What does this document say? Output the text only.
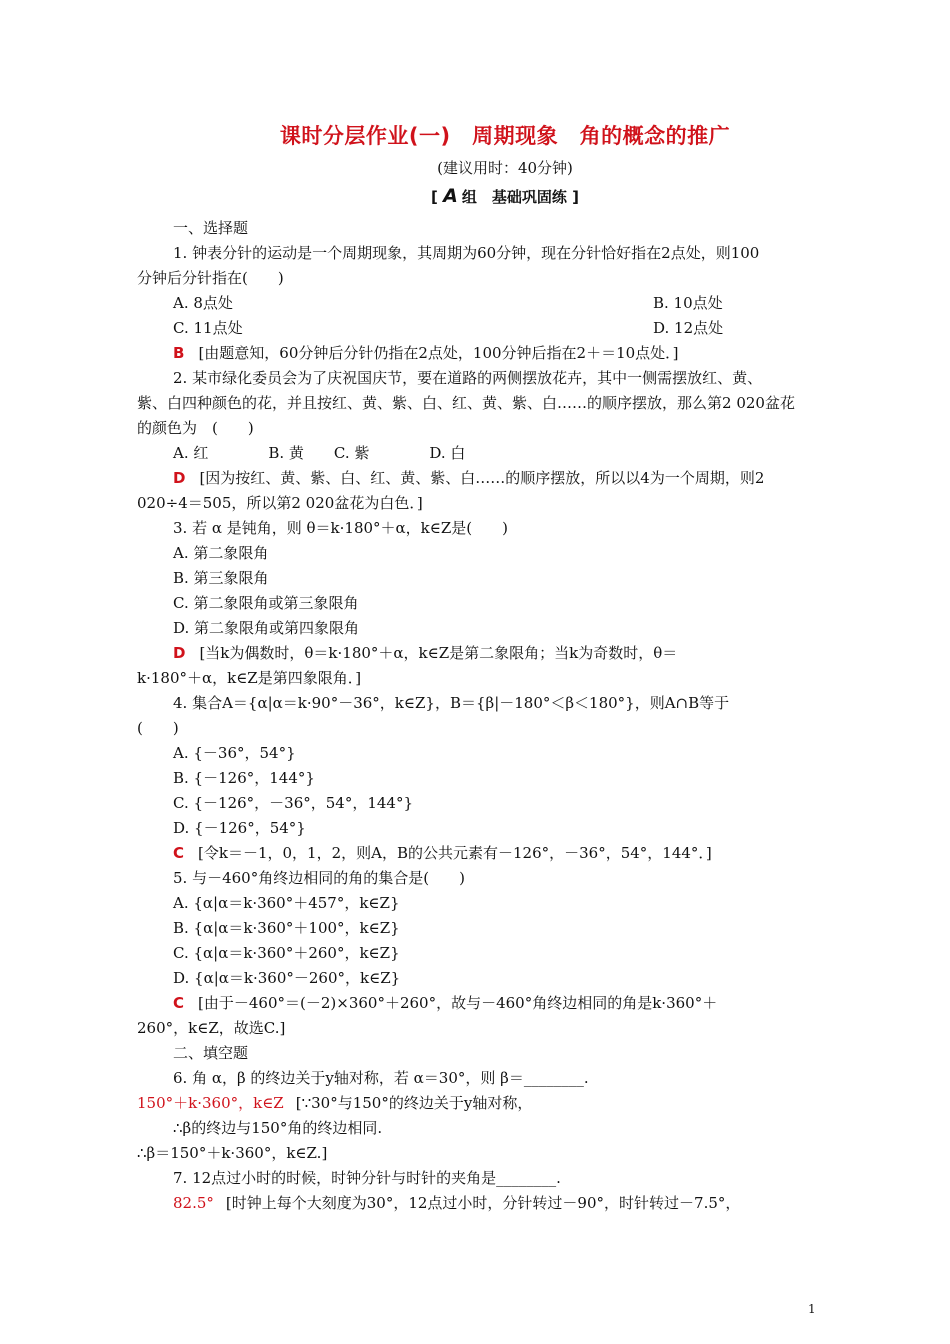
课时分层作业(一)　周期现象　角的概念的推广
(建议用时：40分钟)
[ A 组　基础巩固练 ]
一、选择题
1. 钟表分针的运动是一个周期现象，其周期为60分钟，现在分针恰好指在2点处，则100
分钟后分针指在(　　)
A. 8点处	B. 10点处
C. 11点处	D. 12点处
B [由题意知，60分钟后分针仍指在2点处，100分钟后指在2＋＝10点处．]
2. 某市绿化委员会为了庆祝国庆节，要在道路的两侧摆放花卉，其中一侧需摆放红、黄、
紫、白四种颜色的花，并且按红、黄、紫、白、红、黄、紫、白……的顺序摆放，那么第2 020盆花
的颜色为　(　　)
A. 红　　　　B. 黄　　C. 紫　　　　D. 白
D [因为按红、黄、紫、白、红、黄、紫、白……的顺序摆放，所以以4为一个周期，则2
020÷4＝505，所以第2 020盆花为白色．]
3. 若 α 是钝角，则 θ＝k·180°＋α，k∈Z是(　　)
A. 第二象限角
B. 第三象限角
C. 第二象限角或第三象限角
D. 第二象限角或第四象限角
D [当k为偶数时，θ＝k·180°＋α，k∈Z是第二象限角；当k为奇数时，θ＝
k·180°＋α，k∈Z是第四象限角．]
4. 集合A＝{α|α＝k·90°－36°，k∈Z}，B＝{β|－180°＜β＜180°}，则A∩B等于
(　　)
A. {－36°，54°}
B. {－126°，144°}
C. {－126°，－36°，54°，144°}
D. {－126°，54°}
C [令k＝－1，0，1，2，则A，B的公共元素有－126°，－36°，54°，144°．]
5. 与－460°角终边相同的角的集合是(　　)
A. {α|α＝k·360°＋457°，k∈Z}
B. {α|α＝k·360°＋100°，k∈Z}
C. {α|α＝k·360°＋260°，k∈Z}
D. {α|α＝k·360°－260°，k∈Z}
C [由于－460°＝(－2)×360°＋260°，故与－460°角终边相同的角是k·360°＋
260°，k∈Z，故选C.]
二、填空题
6. 角 α，β 的终边关于y轴对称，若 α＝30°，则 β＝________.
150°＋k·360°，k∈Z [∵30°与150°的终边关于y轴对称，
∴β的终边与150°角的终边相同.
∴β＝150°＋k·360°，k∈Z.]
7. 12点过小时的时候，时钟分针与时针的夹角是________.
82.5° [时钟上每个大刻度为30°，12点过小时，分针转过－90°，时针转过－7.5°，
1
